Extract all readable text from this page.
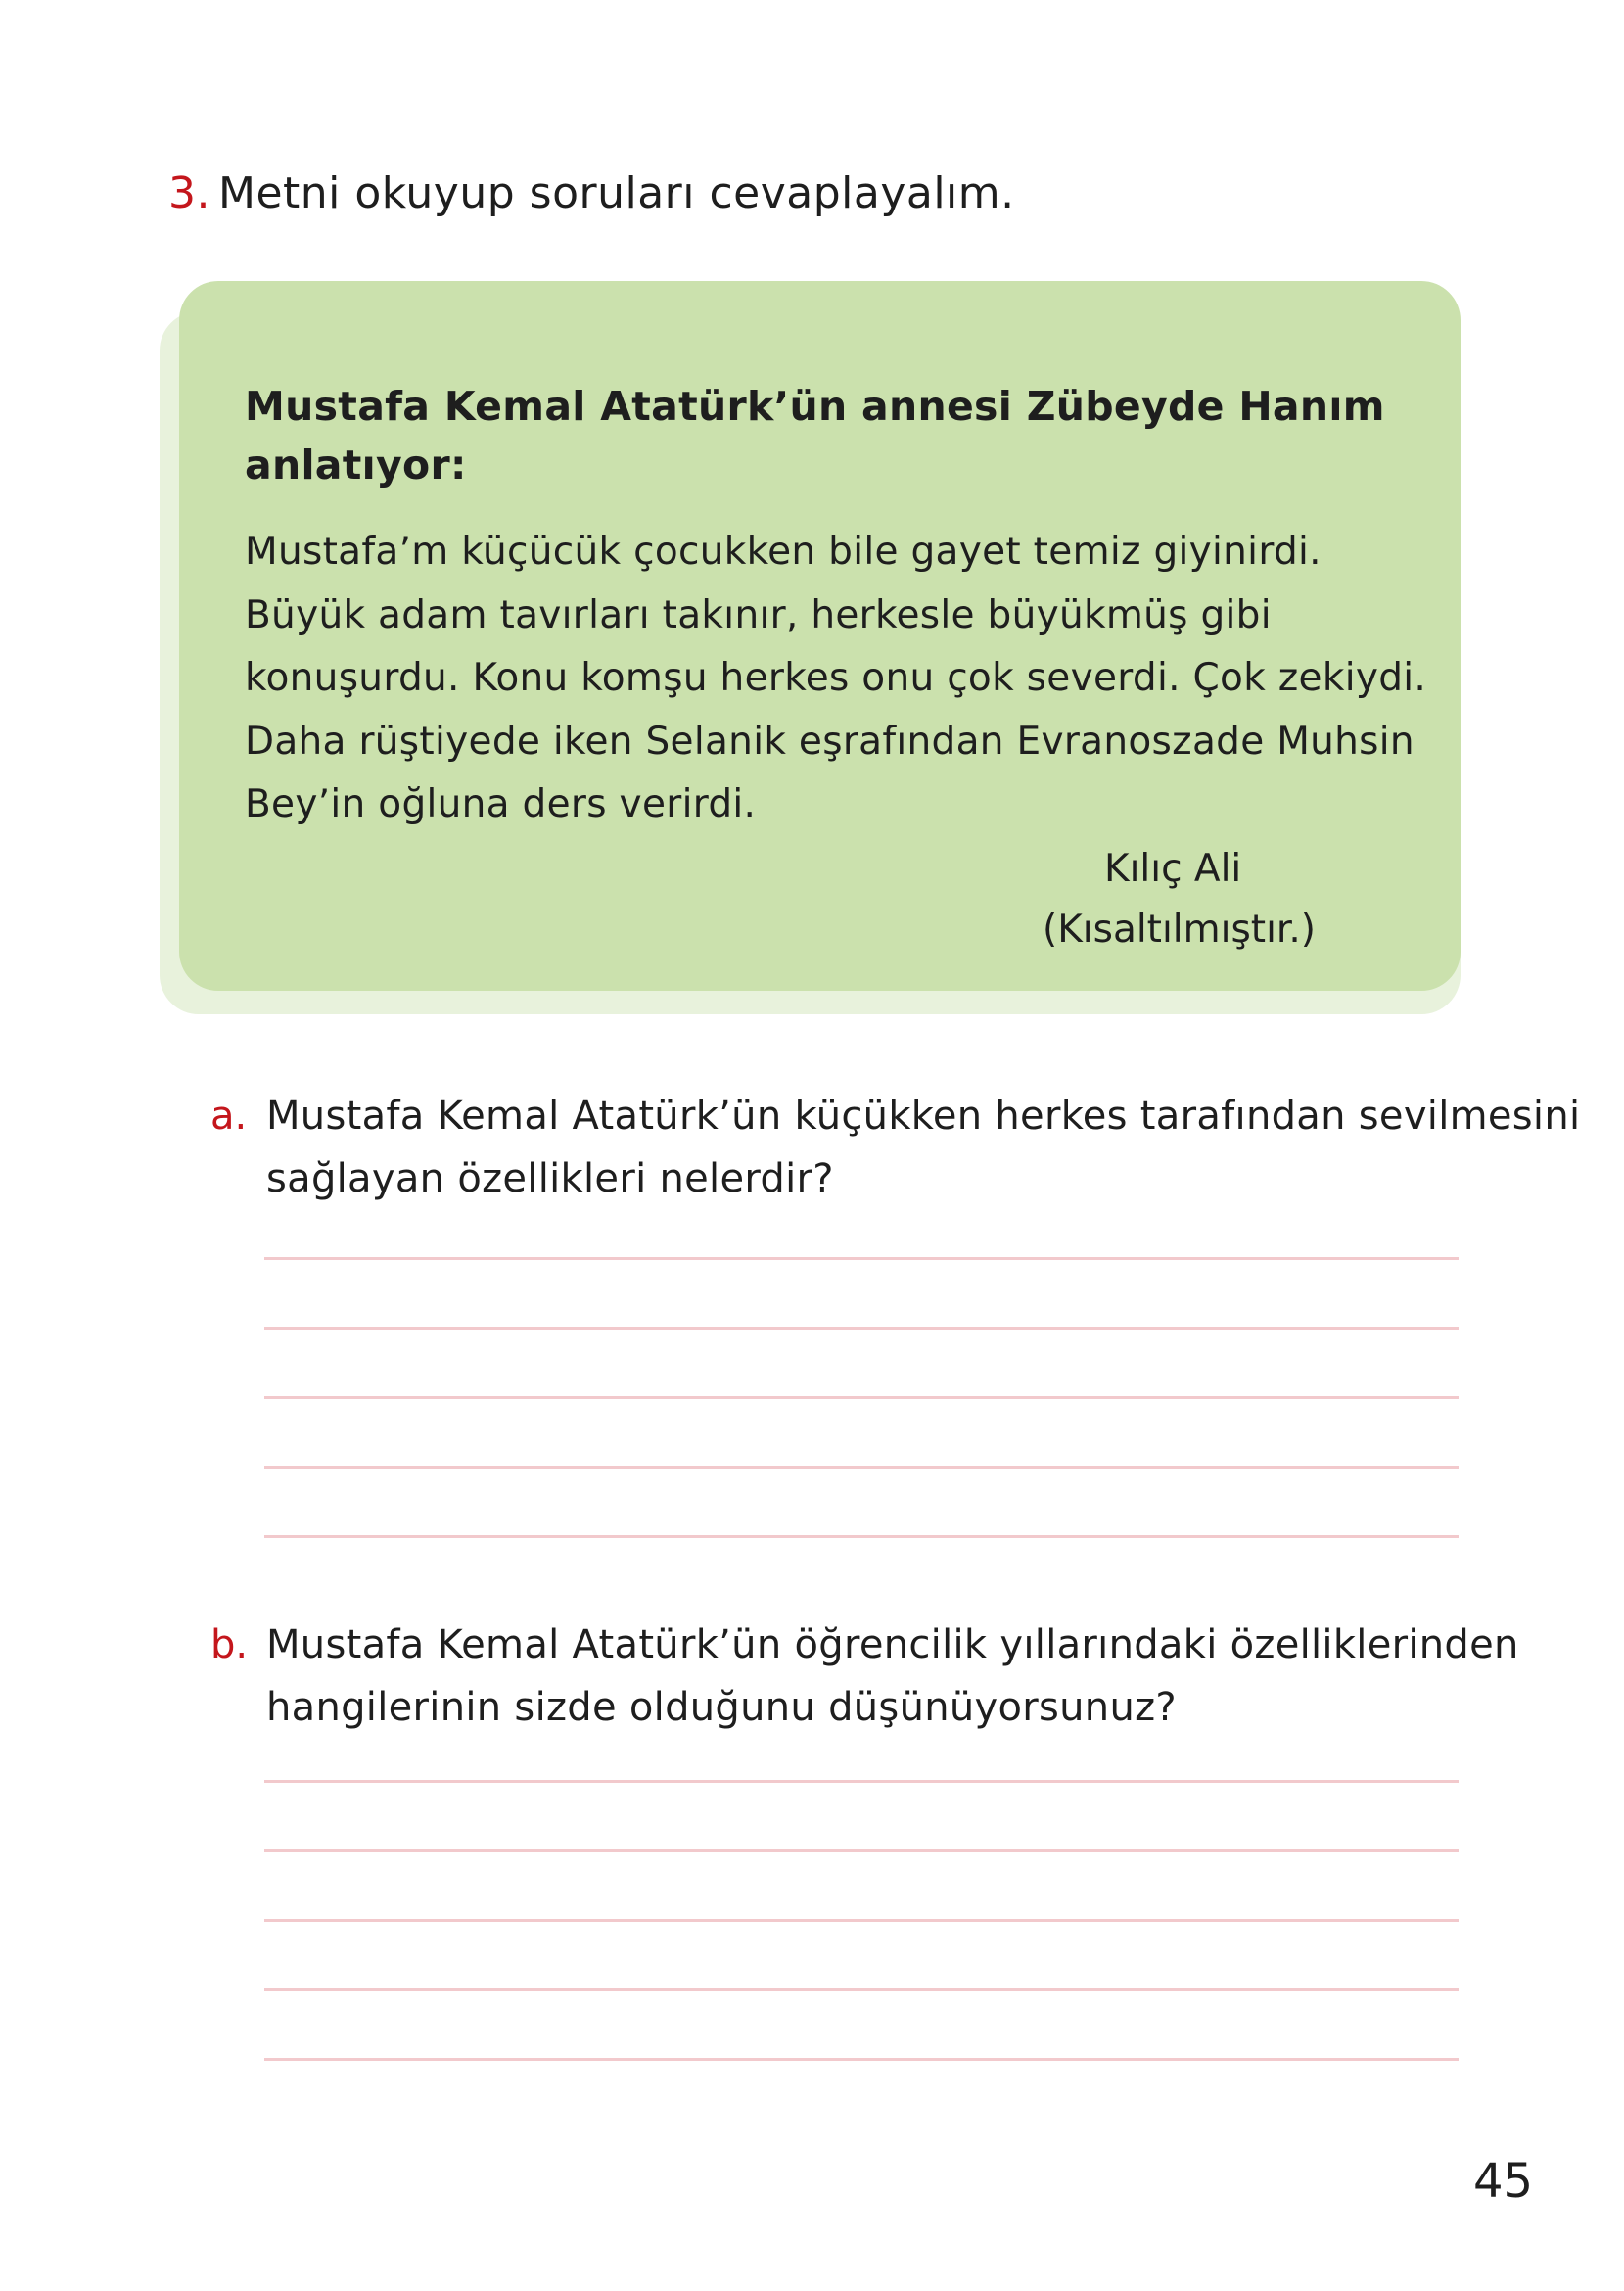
3. Metni okuyup soruları cevaplayalım.
Mustafa Kemal Atatürk’ün annesi Zübeyde Hanım anlatıyor:
Mustafa’m küçücük çocukken bile gayet temiz giyinirdi.
Büyük adam tavırları takınır, herkesle büyükmüş gibi
konuşurdu. Konu komşu herkes onu çok severdi. Çok zekiydi.
Daha rüştiyede iken Selanik eşrafından Evranoszade Muhsin
Bey’in oğluna ders verirdi.
Kılıç Ali
(Kısaltılmıştır.)
a. Mustafa Kemal Atatürk’ün küçükken herkes tarafından sevilmesini
sağlayan özellikleri nelerdir?
b. Mustafa Kemal Atatürk’ün öğrencilik yıllarındaki özelliklerinden
hangilerinin sizde olduğunu düşünüyorsunuz?
45
